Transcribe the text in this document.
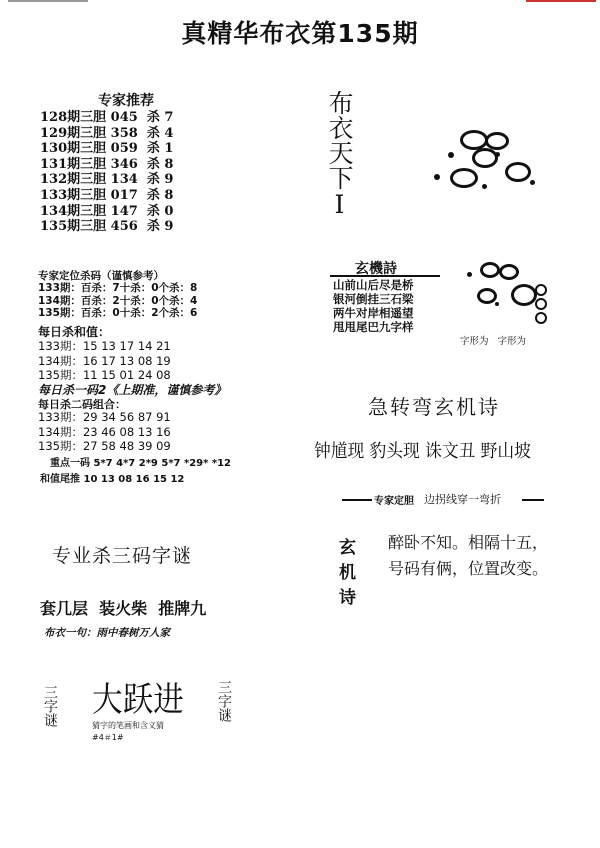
真精华布衣第135期
专家推荐
128期三胆 045  杀 7
129期三胆 358  杀 4
130期三胆 059  杀 1
131期三胆 346  杀 8
132期三胆 134  杀 9
133期三胆 017  杀 8
134期三胆 147  杀 0
135期三胆 456  杀 9
专家定位杀码（谨慎参考）
133期：百杀：7十杀：0个杀：8
134期：百杀：2十杀：0个杀：4
135期：百杀：0十杀：2个杀：6
每日杀和值：
133期：15 13 17 14 21
134期：16 17 13 08 19
135期：11 15 01 24 08
每日杀一码2《上期准，谨慎参考》
每日杀二码组合：
133期：29 34 56 87 91
134期：23 46 08 13 16
135期：27 58 48 39 09
重点一码 5*7 4*7 2*9 5*7 *29* *12
和值尾推 10 13 08 16 15 12
专业杀三码字谜
套几层  装火柴  推牌九
布衣一句：雨中春树万人家
三字谜 大跃进 三字谜
猜字的笔画和含义猜
#4＃1#
布衣天下I
玄機詩
山前山后尽是桥
银河倒挂三石梁
两牛对岸相遥望
甩甩尾巴九字样
字形为   字形为
急转弯玄机诗
钟馗现 豹头现 诛文丑 野山坡
专家定胆 边拐线穿一弯折
玄机诗 醉卧不知。相隔十五，
号码有俩，位置改变。
